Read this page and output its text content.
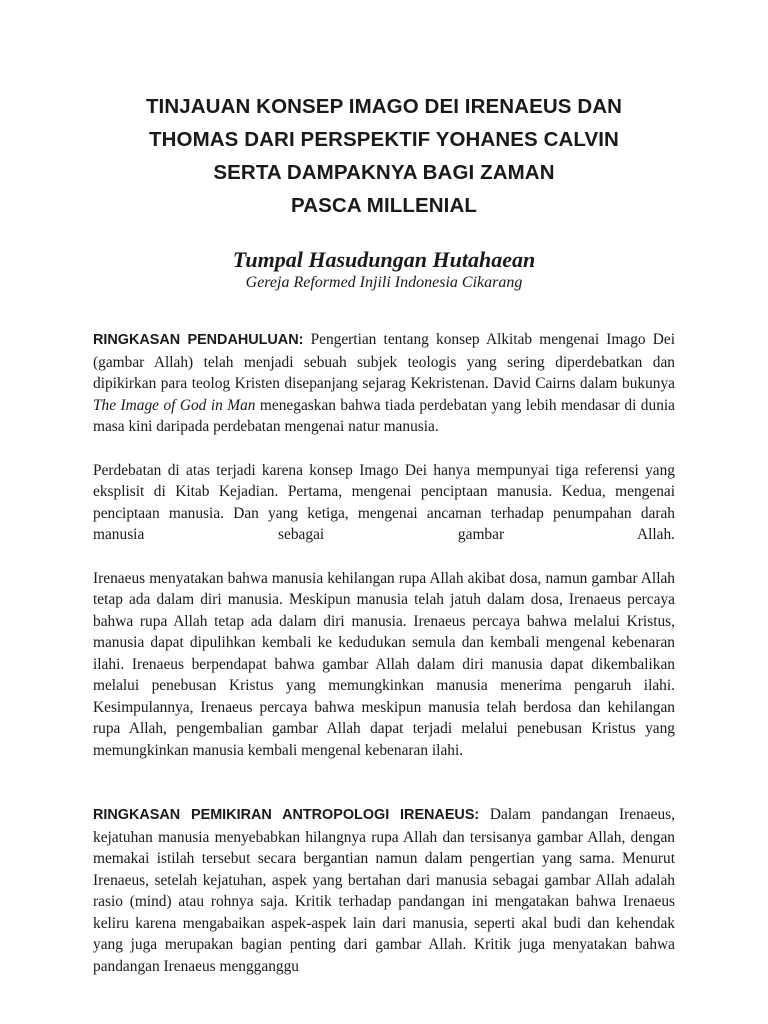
TINJAUAN KONSEP IMAGO DEI IRENAEUS DAN
THOMAS DARI PERSPEKTIF YOHANES CALVIN
SERTA DAMPAKNYA BAGI ZAMAN
PASCA MILLENIAL
Tumpal Hasudungan Hutahaean
Gereja Reformed Injili Indonesia Cikarang

RINGKASAN PENDAHULUAN: Pengertian tentang konsep Alkitab mengenai Imago Dei (gambar Allah) telah menjadi sebuah subjek teologis yang sering diperdebatkan dan dipikirkan para teolog Kristen disepanjang sejarag Kekristenan. David Cairns dalam bukunya The Image of God in Man menegaskan bahwa tiada perdebatan yang lebih mendasar di dunia masa kini daripada perdebatan mengenai natur manusia.

Perdebatan di atas terjadi karena konsep Imago Dei hanya mempunyai tiga referensi yang eksplisit di Kitab Kejadian. Pertama, mengenai penciptaan manusia. Kedua, mengenai penciptaan manusia. Dan yang ketiga, mengenai ancaman terhadap penumpahan darah manusia sebagai gambar Allah.

Irenaeus menyatakan bahwa manusia kehilangan rupa Allah akibat dosa, namun gambar Allah tetap ada dalam diri manusia. Meskipun manusia telah jatuh dalam dosa, Irenaeus percaya bahwa rupa Allah tetap ada dalam diri manusia. Irenaeus percaya bahwa melalui Kristus, manusia dapat dipulihkan kembali ke kedudukan semula dan kembali mengenal kebenaran ilahi. Irenaeus berpendapat bahwa gambar Allah dalam diri manusia dapat dikembalikan melalui penebusan Kristus yang memungkinkan manusia menerima pengaruh ilahi. Kesimpulannya, Irenaeus percaya bahwa meskipun manusia telah berdosa dan kehilangan rupa Allah, pengembalian gambar Allah dapat terjadi melalui penebusan Kristus yang memungkinkan manusia kembali mengenal kebenaran ilahi.

RINGKASAN PEMIKIRAN ANTROPOLOGI IRENAEUS: Dalam pandangan Irenaeus, kejatuhan manusia menyebabkan hilangnya rupa Allah dan tersisanya gambar Allah, dengan memakai istilah tersebut secara bergantian namun dalam pengertian yang sama. Menurut Irenaeus, setelah kejatuhan, aspek yang bertahan dari manusia sebagai gambar Allah adalah rasio (mind) atau rohnya saja. Kritik terhadap pandangan ini mengatakan bahwa Irenaeus keliru karena mengabaikan aspek-aspek lain dari manusia, seperti akal budi dan kehendak yang juga merupakan bagian penting dari gambar Allah. Kritik juga menyatakan bahwa pandangan Irenaeus mengganggu
